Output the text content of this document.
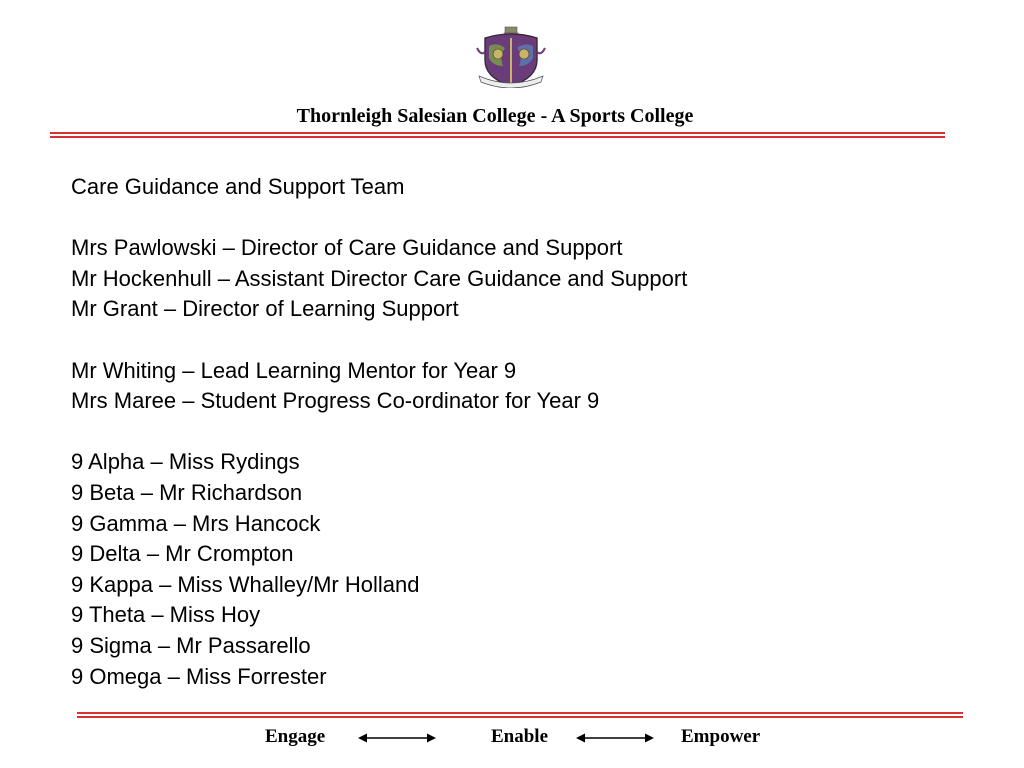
Thornleigh Salesian College - A Sports College
Care Guidance and Support Team
Mrs Pawlowski – Director of Care Guidance and Support
Mr Hockenhull – Assistant Director Care Guidance and Support
Mr Grant – Director of Learning Support
Mr Whiting – Lead Learning Mentor for Year 9
Mrs Maree – Student Progress Co-ordinator for Year 9
9 Alpha – Miss Rydings
9 Beta – Mr Richardson
9 Gamma – Mrs Hancock
9 Delta – Mr Crompton
9 Kappa – Miss Whalley/Mr Holland
9 Theta – Miss Hoy
9 Sigma – Mr Passarello
9 Omega – Miss Forrester
Engage	Enable	Empower
